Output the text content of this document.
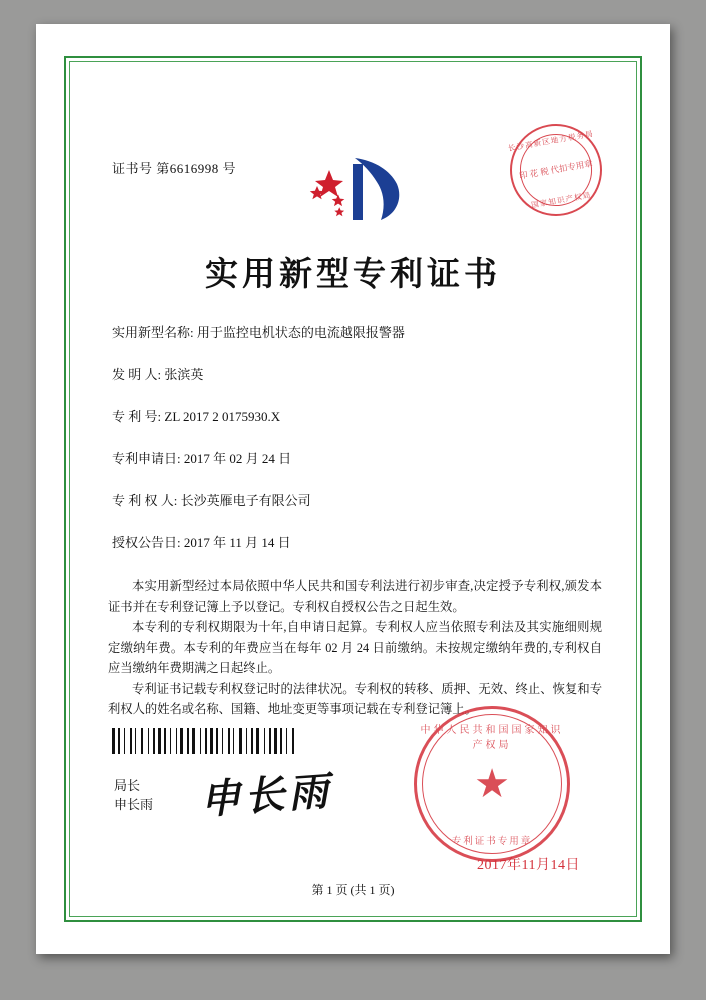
证书号 第6616998 号
长沙高新区地方税务局
印 花 税 代扣专用章
国家知识产权局
实用新型专利证书
实用新型名称: 用于监控电机状态的电流越限报警器
发 明 人: 张滨英
专 利 号: ZL 2017 2 0175930.X
专利申请日: 2017 年 02 月 24 日
专 利 权 人: 长沙英雁电子有限公司
授权公告日: 2017 年 11 月 14 日

本实用新型经过本局依照中华人民共和国专利法进行初步审查,决定授予专利权,颁发本证书并在专利登记簿上予以登记。专利权自授权公告之日起生效。

本专利的专利权期限为十年,自申请日起算。专利权人应当依照专利法及其实施细则规定缴纳年费。本专利的年费应当在每年 02 月 24 日前缴纳。未按规定缴纳年费的,专利权自应当缴纳年费期满之日起终止。

专利证书记载专利权登记时的法律状况。专利权的转移、质押、无效、终止、恢复和专利权人的姓名或名称、国籍、地址变更等事项记载在专利登记簿上。

局长
申长雨 申长雨
中华人民共和国国家知识产权局
★
专利证书专用章
2017年11月14日
第 1 页 (共 1 页)
